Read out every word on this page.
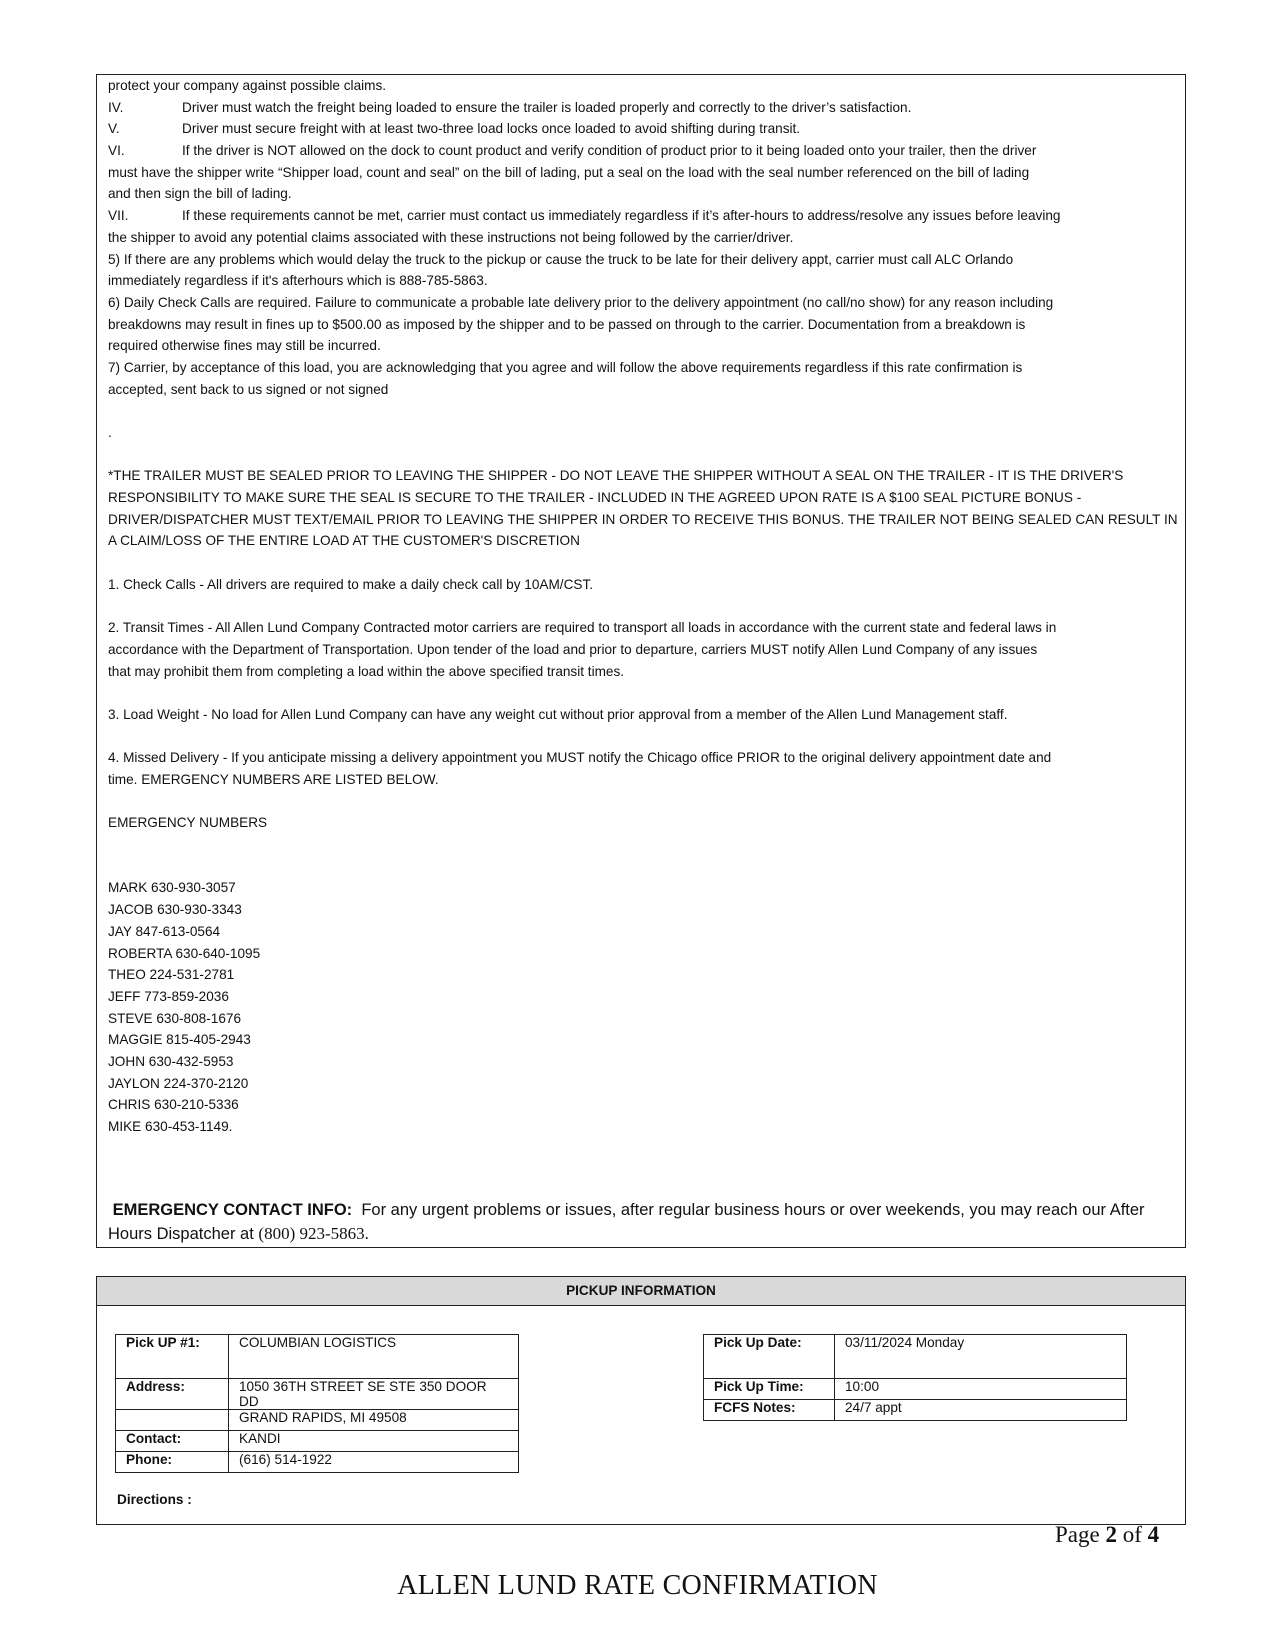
protect your company against possible claims.
IV.	Driver must watch the freight being loaded to ensure the trailer is loaded properly and correctly to the driver’s satisfaction.
V.	Driver must secure freight with at least two-three load locks once loaded to avoid shifting during transit.
VI.	If the driver is NOT allowed on the dock to count product and verify condition of product prior to it being loaded onto your trailer, then the driver
must have the shipper write “Shipper load, count and seal” on the bill of lading, put a seal on the load with the seal number referenced on the bill of lading
and then sign the bill of lading.
VII.	If these requirements cannot be met, carrier must contact us immediately regardless if it’s after-hours to address/resolve any issues before leaving
the shipper to avoid any potential claims associated with these instructions not being followed by the carrier/driver.
5) If there are any problems which would delay the truck to the pickup or cause the truck to be late for their delivery appt, carrier must call ALC Orlando
immediately regardless if it's afterhours which is 888-785-5863.
6) Daily Check Calls are required. Failure to communicate a probable late delivery prior to the delivery appointment (no call/no show) for any reason including
breakdowns may result in fines up to $500.00 as imposed by the shipper and to be passed on through to the carrier. Documentation from a breakdown is
required otherwise fines may still be incurred.
7) Carrier, by acceptance of this load, you are acknowledging that you agree and will follow the above requirements regardless if this rate confirmation is
accepted, sent back to us signed or not signed
.
*THE TRAILER MUST BE SEALED PRIOR TO LEAVING THE SHIPPER - DO NOT LEAVE THE SHIPPER WITHOUT A SEAL ON THE TRAILER - IT IS THE DRIVER'S
RESPONSIBILITY TO MAKE SURE THE SEAL IS SECURE TO THE TRAILER - INCLUDED IN THE AGREED UPON RATE IS A $100 SEAL PICTURE BONUS -
DRIVER/DISPATCHER MUST TEXT/EMAIL PRIOR TO LEAVING THE SHIPPER IN ORDER TO RECEIVE THIS BONUS. THE TRAILER NOT BEING SEALED CAN RESULT IN
A CLAIM/LOSS OF THE ENTIRE LOAD AT THE CUSTOMER'S DISCRETION
1. Check Calls - All drivers are required to make a daily check call by 10AM/CST.
2. Transit Times - All Allen Lund Company Contracted motor carriers are required to transport all loads in accordance with the current state and federal laws in
accordance with the Department of Transportation. Upon tender of the load and prior to departure, carriers MUST notify Allen Lund Company of any issues
that may prohibit them from completing a load within the above specified transit times.
3. Load Weight - No load for Allen Lund Company can have any weight cut without prior approval from a member of the Allen Lund Management staff.
4. Missed Delivery - If you anticipate missing a delivery appointment you MUST notify the Chicago office PRIOR to the original delivery appointment date and
time. EMERGENCY NUMBERS ARE LISTED BELOW.
EMERGENCY NUMBERS
MARK 630-930-3057
JACOB 630-930-3343
JAY 847-613-0564
ROBERTA 630-640-1095
THEO 224-531-2781
JEFF 773-859-2036
STEVE 630-808-1676
MAGGIE 815-405-2943
JOHN 630-432-5953
JAYLON 224-370-2120
CHRIS 630-210-5336
MIKE 630-453-1149.
EMERGENCY CONTACT INFO: For any urgent problems or issues, after regular business hours or over weekends, you may reach our After
Hours Dispatcher at (800) 923-5863.
PICKUP INFORMATION
Pick UP #1:	COLUMBIAN LOGISTICS
Address:	1050 36TH STREET SE STE 350 DOOR DD
	GRAND RAPIDS, MI 49508
Contact:	KANDI
Phone:	(616) 514-1922
Pick Up Date:	03/11/2024 Monday
Pick Up Time:	10:00
FCFS Notes:	24/7 appt
Directions :
Page 2 of 4
ALLEN LUND RATE CONFIRMATION
